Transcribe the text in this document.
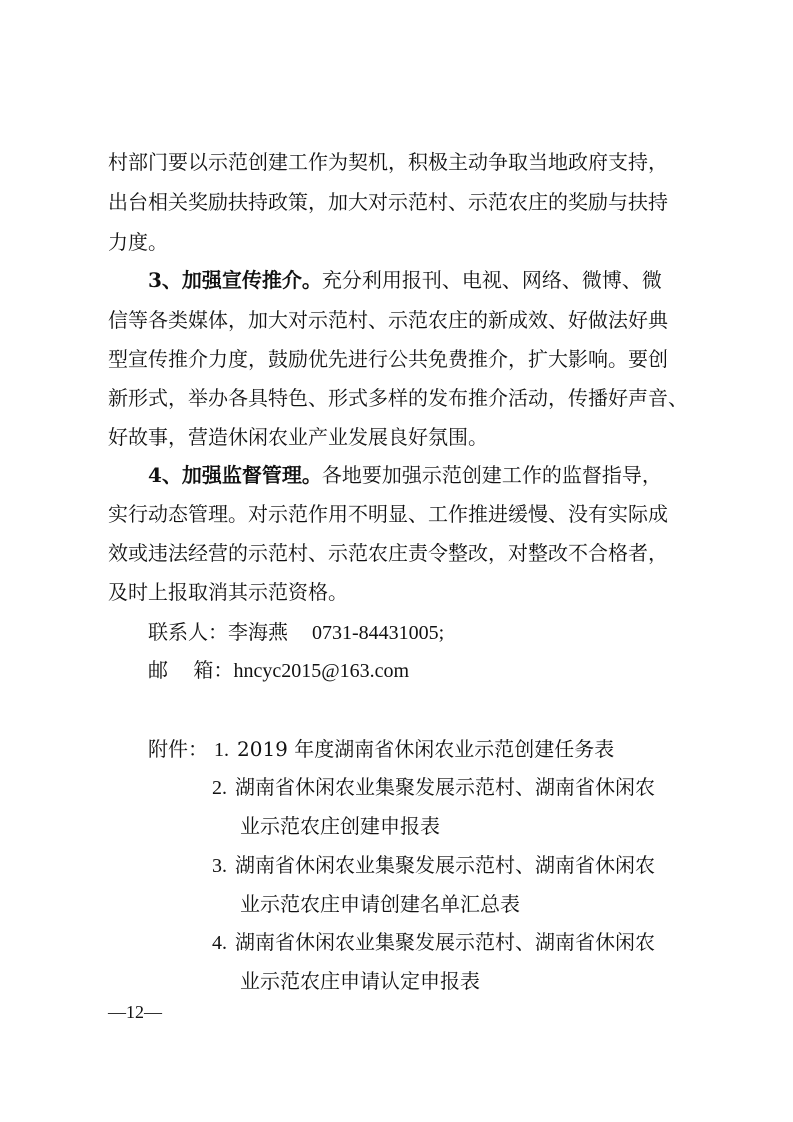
村部门要以示范创建工作为契机，积极主动争取当地政府支持，
出台相关奖励扶持政策，加大对示范村、示范农庄的奖励与扶持
力度。
3、加强宣传推介。充分利用报刊、电视、网络、微博、微
信等各类媒体，加大对示范村、示范农庄的新成效、好做法好典
型宣传推介力度，鼓励优先进行公共免费推介，扩大影响。要创
新形式，举办各具特色、形式多样的发布推介活动，传播好声音、
好故事，营造休闲农业产业发展良好氛围。
4、加强监督管理。各地要加强示范创建工作的监督指导，
实行动态管理。对示范作用不明显、工作推进缓慢、没有实际成
效或违法经营的示范村、示范农庄责令整改，对整改不合格者，
及时上报取消其示范资格。
联系人：李海燕 0731-84431005;
邮    箱：hncyc2015@163.com
附件： 1. 2019 年度湖南省休闲农业示范创建任务表
2. 湖南省休闲农业集聚发展示范村、湖南省休闲农
业示范农庄创建申报表
3. 湖南省休闲农业集聚发展示范村、湖南省休闲农
业示范农庄申请创建名单汇总表
4. 湖南省休闲农业集聚发展示范村、湖南省休闲农
业示范农庄申请认定申报表
—12—
